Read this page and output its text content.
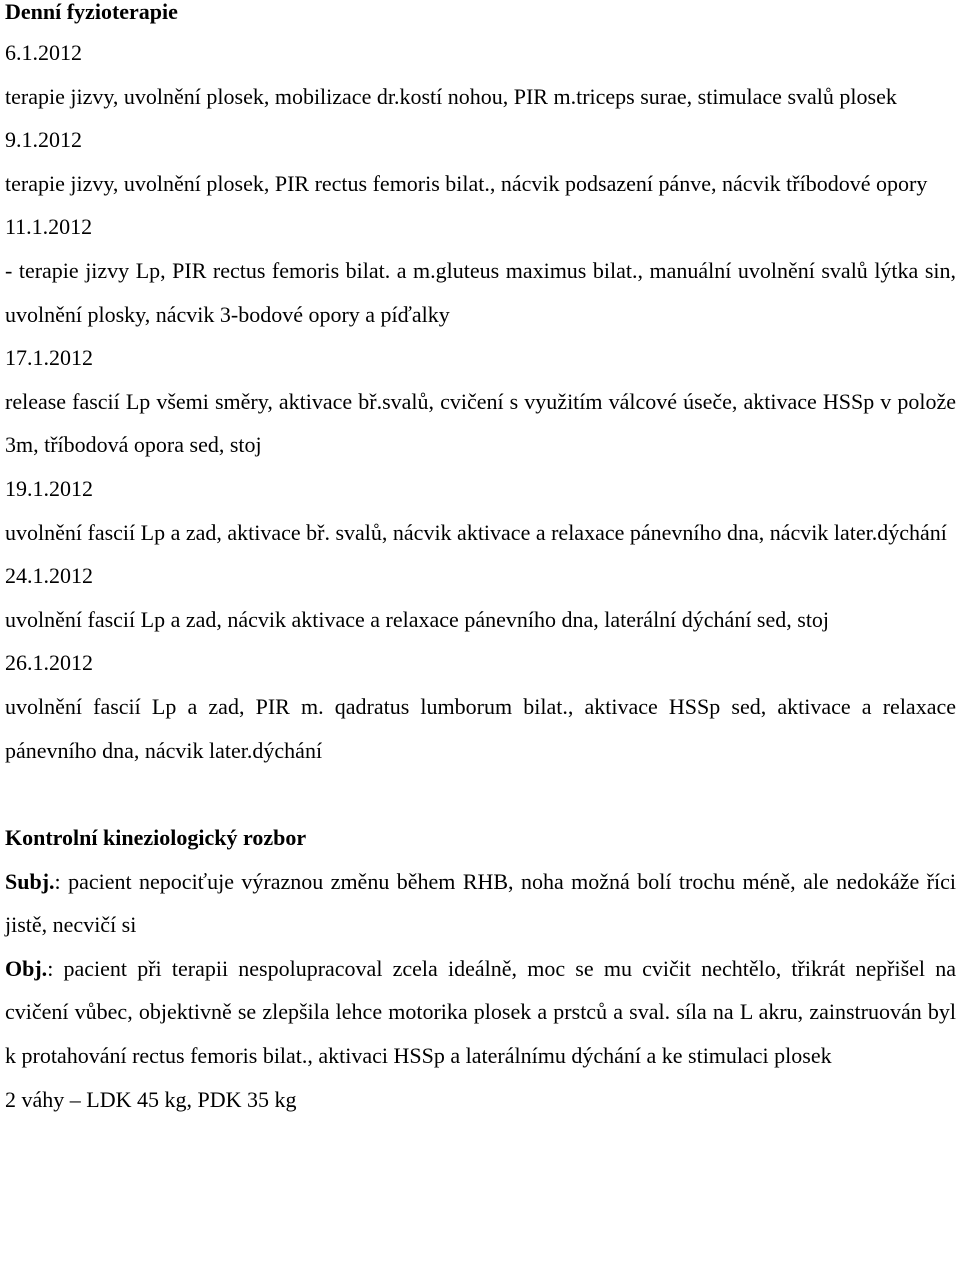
Denní fyzioterapie

6.1.2012

terapie jizvy, uvolnění plosek, mobilizace dr.kostí nohou, PIR m.triceps surae, stimulace svalů plosek

9.1.2012

terapie jizvy, uvolnění plosek, PIR rectus femoris bilat., nácvik podsazení pánve, nácvik tříbodové opory

11.1.2012

- terapie jizvy Lp, PIR rectus femoris bilat. a m.gluteus maximus bilat., manuální uvolnění svalů lýtka sin, uvolnění plosky, nácvik 3-bodové opory a píďalky

17.1.2012

release fascií Lp všemi směry, aktivace bř.svalů, cvičení s využitím válcové úseče, aktivace HSSp v polože 3m, tříbodová opora sed, stoj

19.1.2012

uvolnění fascií Lp a zad, aktivace bř. svalů, nácvik aktivace a relaxace pánevního dna, nácvik later.dýchání

24.1.2012

uvolnění fascií Lp a zad, nácvik aktivace a relaxace pánevního dna, laterální dýchání sed, stoj

26.1.2012

uvolnění fascií Lp a zad, PIR m. qadratus lumborum bilat., aktivace HSSp sed, aktivace a relaxace pánevního dna, nácvik later.dýchání

Kontrolní kineziologický rozbor

Subj.: pacient nepociťuje výraznou změnu během RHB, noha možná bolí trochu méně, ale nedokáže říci jistě, necvičí si

Obj.: pacient při terapii nespolupracoval zcela ideálně, moc se mu cvičit nechtělo, třikrát nepřišel na cvičení vůbec, objektivně se zlepšila lehce motorika plosek a prstců a sval. síla na L akru, zainstruován byl k protahování rectus femoris bilat., aktivaci HSSp a laterálnímu dýchání a ke stimulaci plosek

2 váhy – LDK 45 kg, PDK 35 kg
